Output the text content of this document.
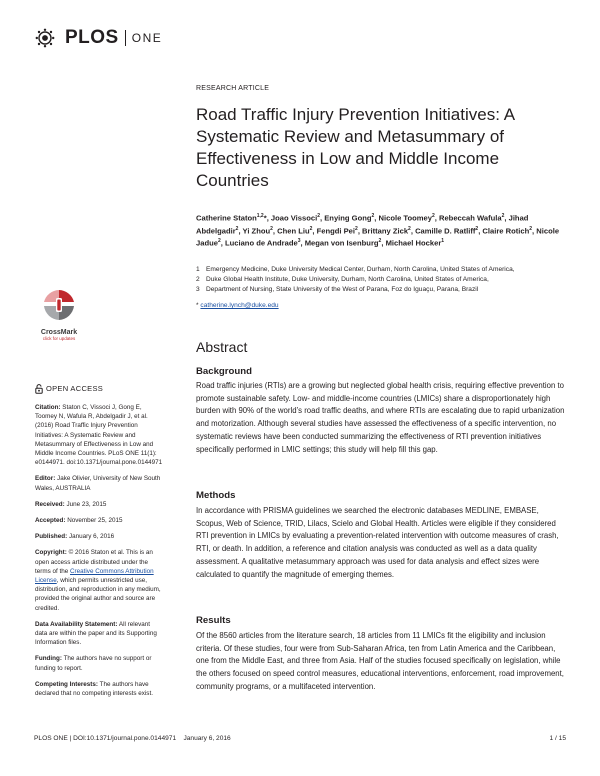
PLOS ONE
CrossMark
click for updates
OPEN ACCESS

Citation: Staton C, Vissoci J, Gong E, Toomey N, Wafula R, Abdelgadir J, et al. (2016) Road Traffic Injury Prevention Initiatives: A Systematic Review and Metasummary of Effectiveness in Low and Middle Income Countries. PLoS ONE 11(1): e0144971. doi:10.1371/journal.pone.0144971

Editor: Jake Olivier, University of New South Wales, AUSTRALIA

Received: June 23, 2015

Accepted: November 25, 2015

Published: January 6, 2016

Copyright: © 2016 Staton et al. This is an open access article distributed under the terms of the Creative Commons Attribution License, which permits unrestricted use, distribution, and reproduction in any medium, provided the original author and source are credited.

Data Availability Statement: All relevant data are within the paper and its Supporting Information files.

Funding: The authors have no support or funding to report.

Competing Interests: The authors have declared that no competing interests exist.

RESEARCH ARTICLE
Road Traffic Injury Prevention Initiatives: A Systematic Review and Metasummary of Effectiveness in Low and Middle Income Countries
Catherine Staton$^{1,2}$*, Joao Vissoci$^2$, Enying Gong$^2$, Nicole Toomey$^2$, Rebeccah Wafula$^2$, Jihad Abdelgadir$^2$, Yi Zhou$^2$, Chen Liu$^2$, Fengdi Pei$^2$, Brittany Zick$^2$, Camille D. Ratliff$^2$, Claire Rotich$^2$, Nicole Jadue$^2$, Luciano de Andrade$^3$, Megan von Isenburg$^2$, Michael Hocker$^1$
1 Emergency Medicine, Duke University Medical Center, Durham, North Carolina, United States of America,
2 Duke Global Health Institute, Duke University, Durham, North Carolina, United States of America,
3 Department of Nursing, State University of the West of Parana, Foz do Iguaçu, Parana, Brazil
* catherine.lynch@duke.edu
Abstract
Background

Road traffic injuries (RTIs) are a growing but neglected global health crisis, requiring effective prevention to promote sustainable safety. Low- and middle-income countries (LMICs) share a disproportionately high burden with 90% of the world’s road traffic deaths, and where RTIs are escalating due to rapid urbanization and motorization. Although several studies have assessed the effectiveness of a specific intervention, no systematic reviews have been conducted summarizing the effectiveness of RTI prevention initiatives specifically performed in LMIC settings; this study will help fill this gap.

Methods

In accordance with PRISMA guidelines we searched the electronic databases MEDLINE, EMBASE, Scopus, Web of Science, TRID, Lilacs, Scielo and Global Health. Articles were eligible if they considered RTI prevention in LMICs by evaluating a prevention-related intervention with outcome measures of crash, RTI, or death. In addition, a reference and citation analysis was conducted as well as a data quality assessment. A qualitative metasummary approach was used for data analysis and effect sizes were calculated to quantify the magnitude of emerging themes.

Results

Of the 8560 articles from the literature search, 18 articles from 11 LMICs fit the eligibility and inclusion criteria. Of these studies, four were from Sub-Saharan Africa, ten from Latin America and the Caribbean, one from the Middle East, and three from Asia. Half of the studies focused specifically on legislation, while the others focused on speed control measures, educational interventions, enforcement, road improvement, community programs, or a multifaceted intervention.

PLOS ONE | DOI:10.1371/journal.pone.0144971 January 6, 2016	1 / 15
